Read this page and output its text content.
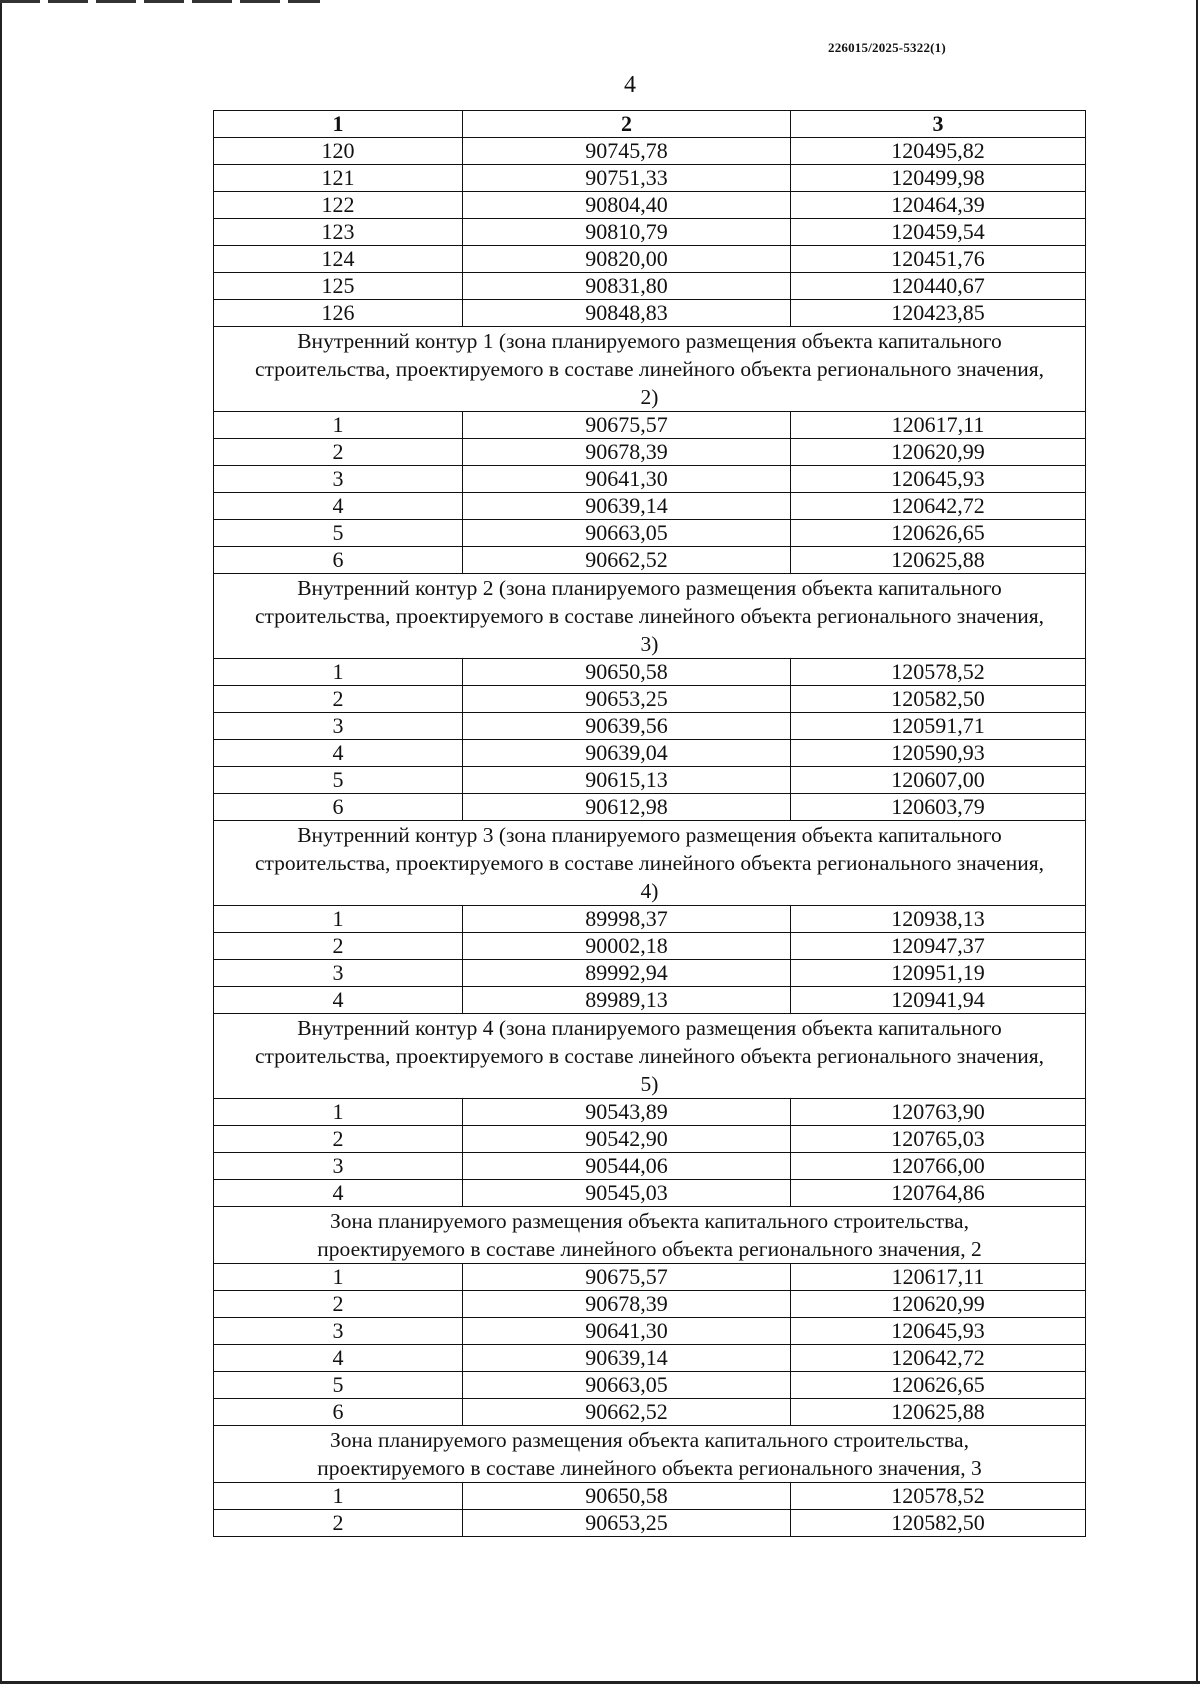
226015/2025-5322(1)
4
1	2	3
120	90745,78	120495,82
121	90751,33	120499,98
122	90804,40	120464,39
123	90810,79	120459,54
124	90820,00	120451,76
125	90831,80	120440,67
126	90848,83	120423,85
Внутренний контур 1 (зона планируемого размещения объекта капитального строительства, проектируемого в составе линейного объекта регионального значения, 2)		
1	90675,57	120617,11
2	90678,39	120620,99
3	90641,30	120645,93
4	90639,14	120642,72
5	90663,05	120626,65
6	90662,52	120625,88
Внутренний контур 2 (зона планируемого размещения объекта капитального строительства, проектируемого в составе линейного объекта регионального значения, 3)		
1	90650,58	120578,52
2	90653,25	120582,50
3	90639,56	120591,71
4	90639,04	120590,93
5	90615,13	120607,00
6	90612,98	120603,79
Внутренний контур 3 (зона планируемого размещения объекта капитального строительства, проектируемого в составе линейного объекта регионального значения, 4)		
1	89998,37	120938,13
2	90002,18	120947,37
3	89992,94	120951,19
4	89989,13	120941,94
Внутренний контур 4 (зона планируемого размещения объекта капитального строительства, проектируемого в составе линейного объекта регионального значения, 5)		
1	90543,89	120763,90
2	90542,90	120765,03
3	90544,06	120766,00
4	90545,03	120764,86
Зона планируемого размещения объекта капитального строительства, проектируемого в составе линейного объекта регионального значения, 2		
1	90675,57	120617,11
2	90678,39	120620,99
3	90641,30	120645,93
4	90639,14	120642,72
5	90663,05	120626,65
6	90662,52	120625,88
Зона планируемого размещения объекта капитального строительства, проектируемого в составе линейного объекта регионального значения, 3		
1	90650,58	120578,52
2	90653,25	120582,50
